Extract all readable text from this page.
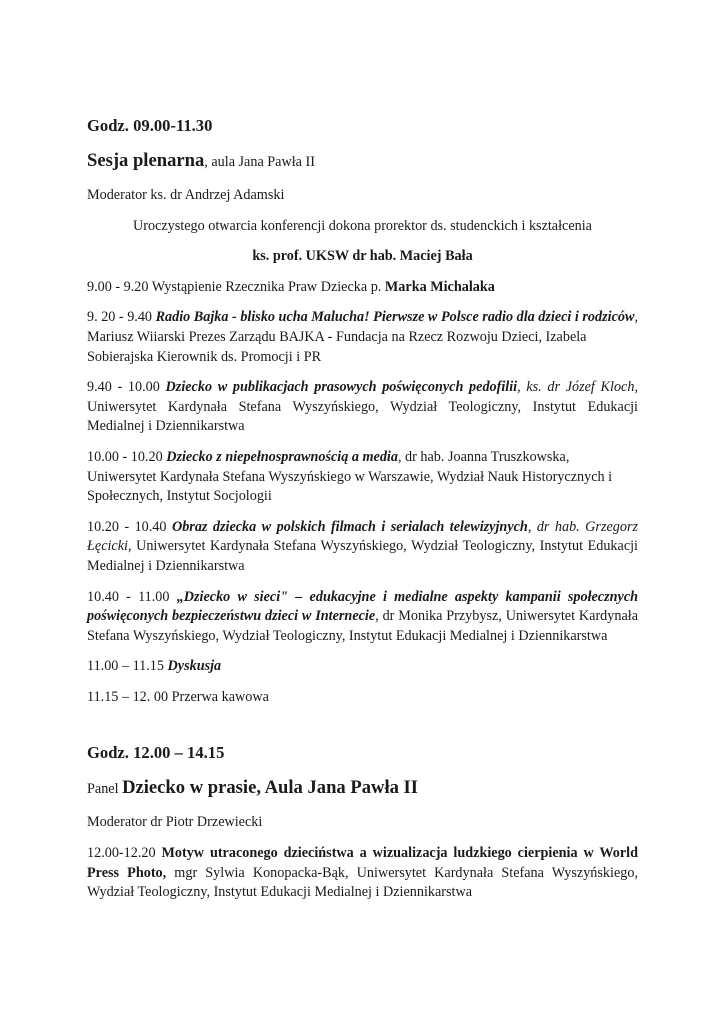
Godz. 09.00-11.30

Sesja plenarna, aula Jana Pawła II

Moderator ks. dr Andrzej Adamski

Uroczystego otwarcia konferencji dokona prorektor ds. studenckich i kształcenia

ks. prof. UKSW dr hab. Maciej Bała

9.00 - 9.20 Wystąpienie Rzecznika Praw Dziecka p. Marka Michalaka

9. 20 - 9.40 Radio Bajka - blisko ucha Malucha! Pierwsze w Polsce radio dla dzieci i rodziców, Mariusz Wiiarski Prezes Zarządu BAJKA - Fundacja na Rzecz Rozwoju Dzieci, Izabela Sobierajska Kierownik ds. Promocji i PR

9.40 - 10.00 Dziecko w publikacjach prasowych poświęconych pedofilii, ks. dr Józef Kloch, Uniwersytet Kardynała Stefana Wyszyńskiego, Wydział Teologiczny, Instytut Edukacji Medialnej i Dziennikarstwa

10.00 - 10.20 Dziecko z niepełnosprawnością a media, dr hab. Joanna Truszkowska, Uniwersytet Kardynała Stefana Wyszyńskiego w Warszawie, Wydział Nauk Historycznych i Społecznych, Instytut Socjologii

10.20 - 10.40 Obraz dziecka w polskich filmach i serialach telewizyjnych, dr hab. Grzegorz Łęcicki, Uniwersytet Kardynała Stefana Wyszyńskiego, Wydział Teologiczny, Instytut Edukacji Medialnej i Dziennikarstwa

10.40 - 11.00 „Dziecko w sieci" – edukacyjne i medialne aspekty kampanii społecznych poświęconych bezpieczeństwu dzieci w Internecie, dr Monika Przybysz, Uniwersytet Kardynała Stefana Wyszyńskiego, Wydział Teologiczny, Instytut Edukacji Medialnej i Dziennikarstwa

11.00 – 11.15 Dyskusja

11.15 – 12. 00 Przerwa kawowa

Godz. 12.00 – 14.15

Panel Dziecko w prasie, Aula Jana Pawła II

Moderator dr Piotr Drzewiecki

12.00-12.20 Motyw utraconego dzieciństwa a wizualizacja ludzkiego cierpienia w World Press Photo, mgr Sylwia Konopacka-Bąk, Uniwersytet Kardynała Stefana Wyszyńskiego, Wydział Teologiczny, Instytut Edukacji Medialnej i Dziennikarstwa
